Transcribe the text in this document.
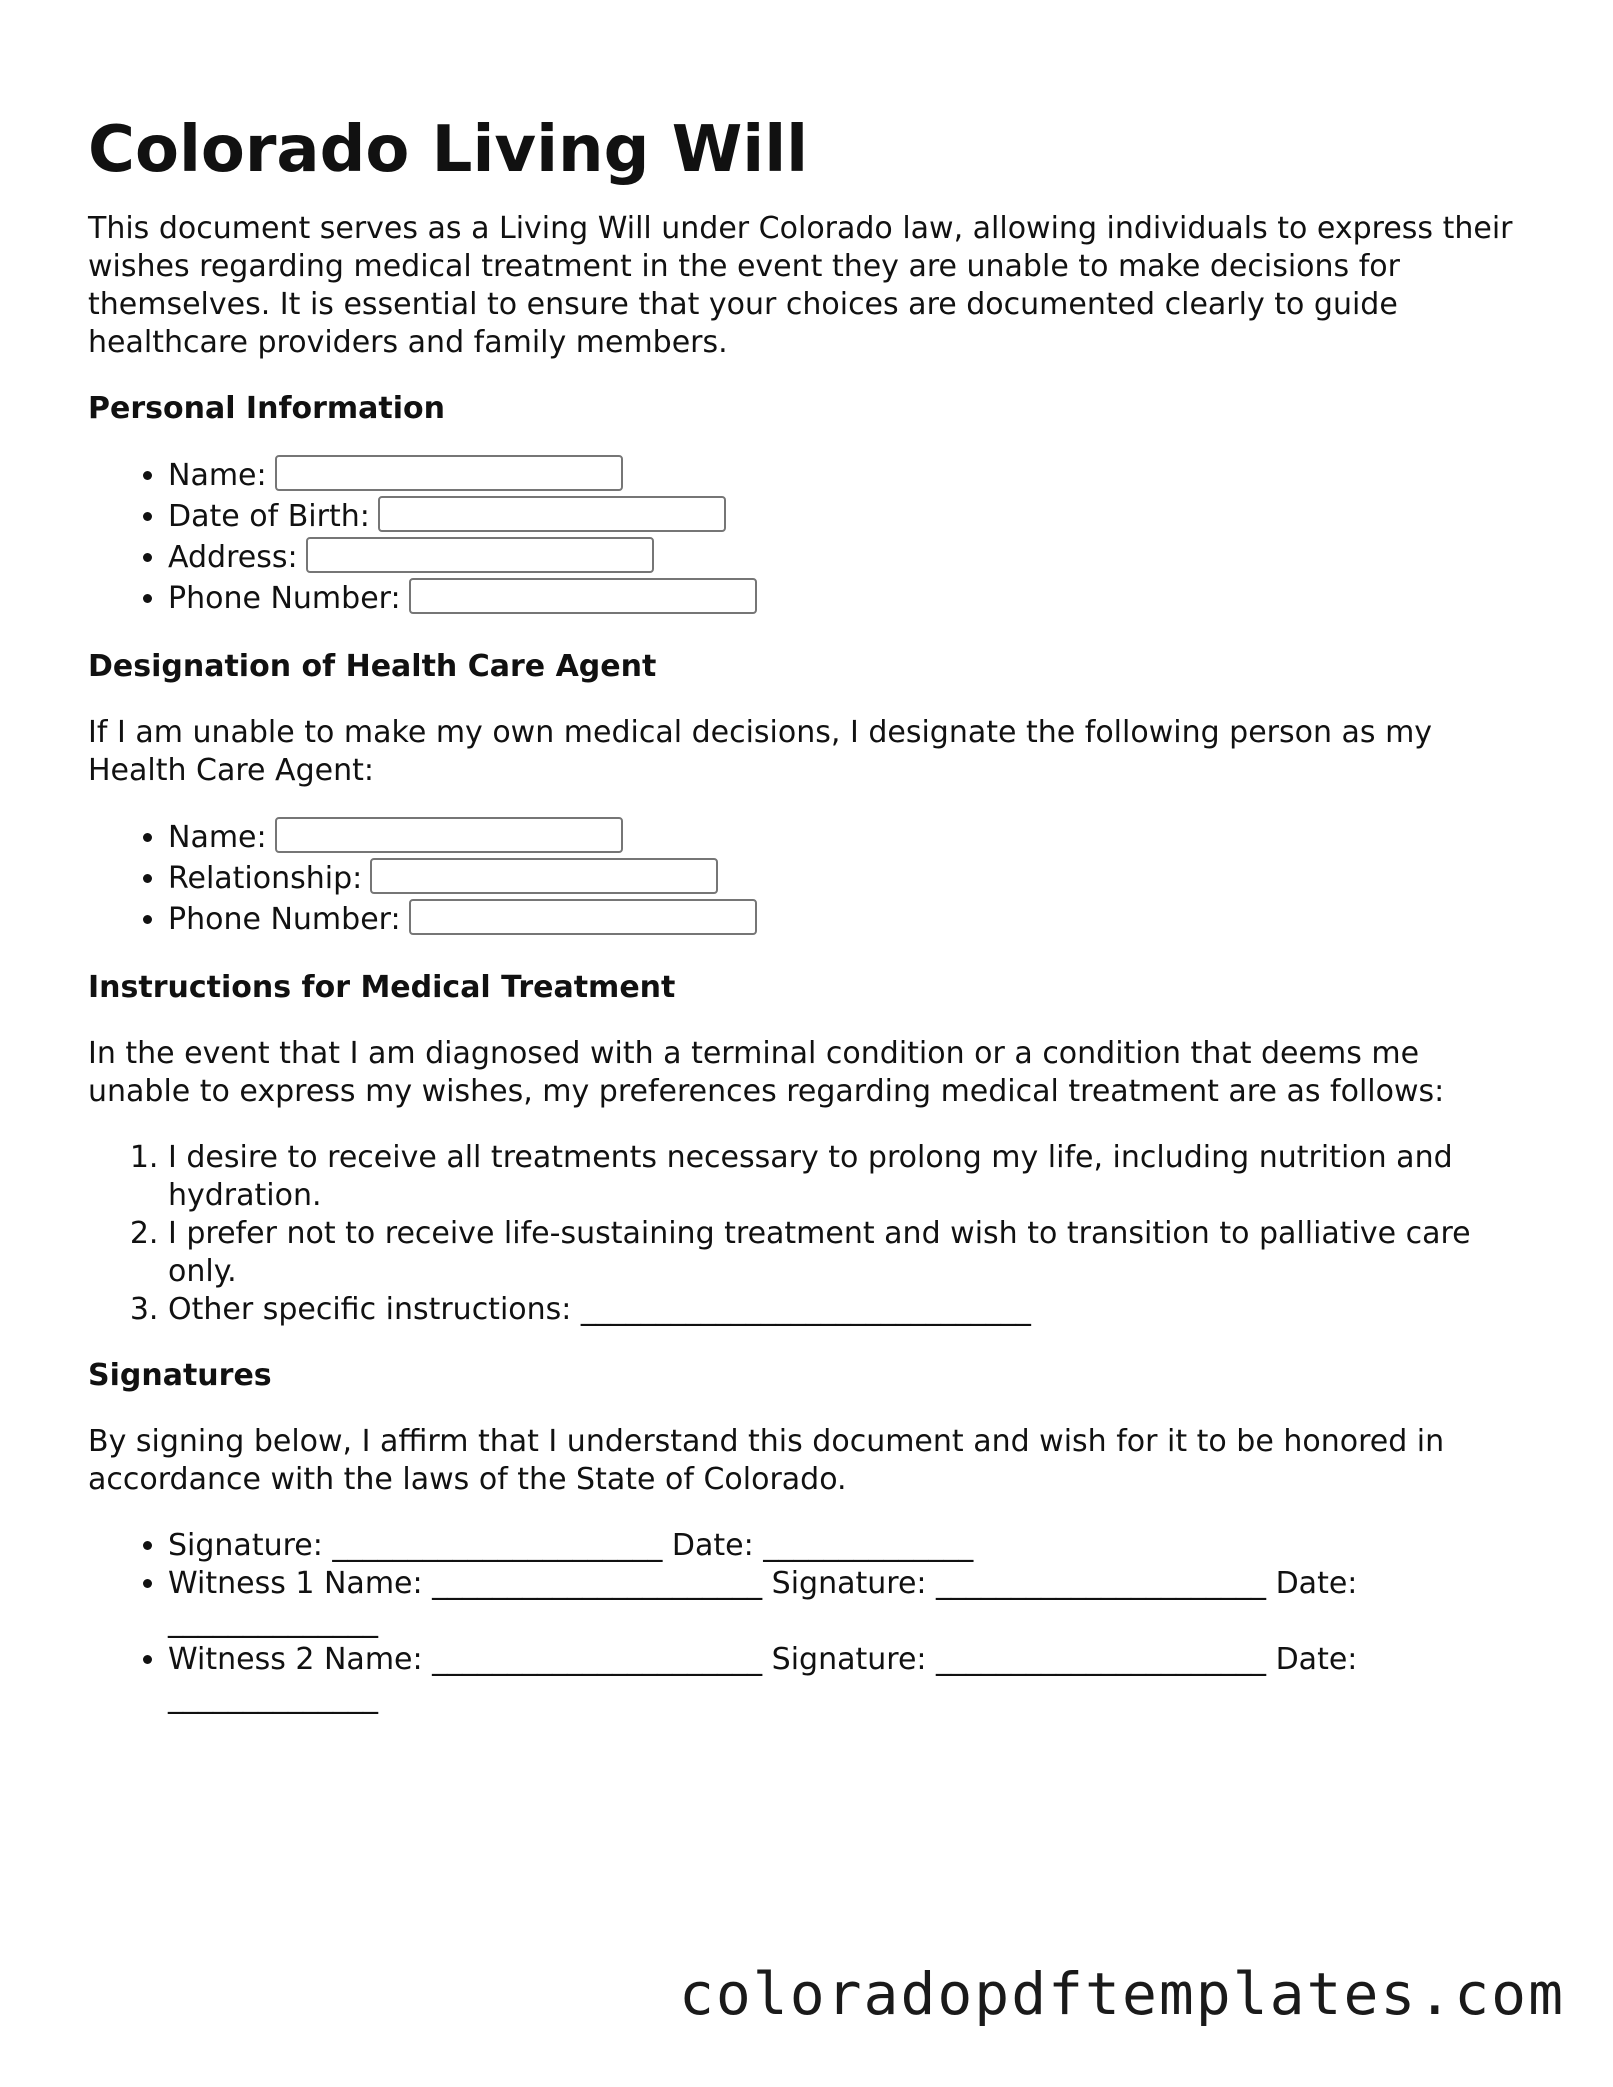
Colorado Living Will

This document serves as a Living Will under Colorado law, allowing individuals to express their wishes regarding medical treatment in the event they are unable to make decisions for themselves. It is essential to ensure that your choices are documented clearly to guide healthcare providers and family members.

Personal Information
• Name:
• Date of Birth:
• Address:
• Phone Number:
Designation of Health Care Agent

If I am unable to make my own medical decisions, I designate the following person as my Health Care Agent:

• Name:
• Relationship:
• Phone Number:
Instructions for Medical Treatment

In the event that I am diagnosed with a terminal condition or a condition that deems me unable to express my wishes, my preferences regarding medical treatment are as follows:

1. I desire to receive all treatments necessary to prolong my life, including nutrition and hydration.
2. I prefer not to receive life-sustaining treatment and wish to transition to palliative care only.
3. Other specific instructions: ______________________________
Signatures

By signing below, I affirm that I understand this document and wish for it to be honored in accordance with the laws of the State of Colorado.

• Signature: ______________________ Date: ______________
• Witness 1 Name: ______________________ Signature: ______________________ Date: ______________
• Witness 2 Name: ______________________ Signature: ______________________ Date: ______________
coloradopdftemplates.com
